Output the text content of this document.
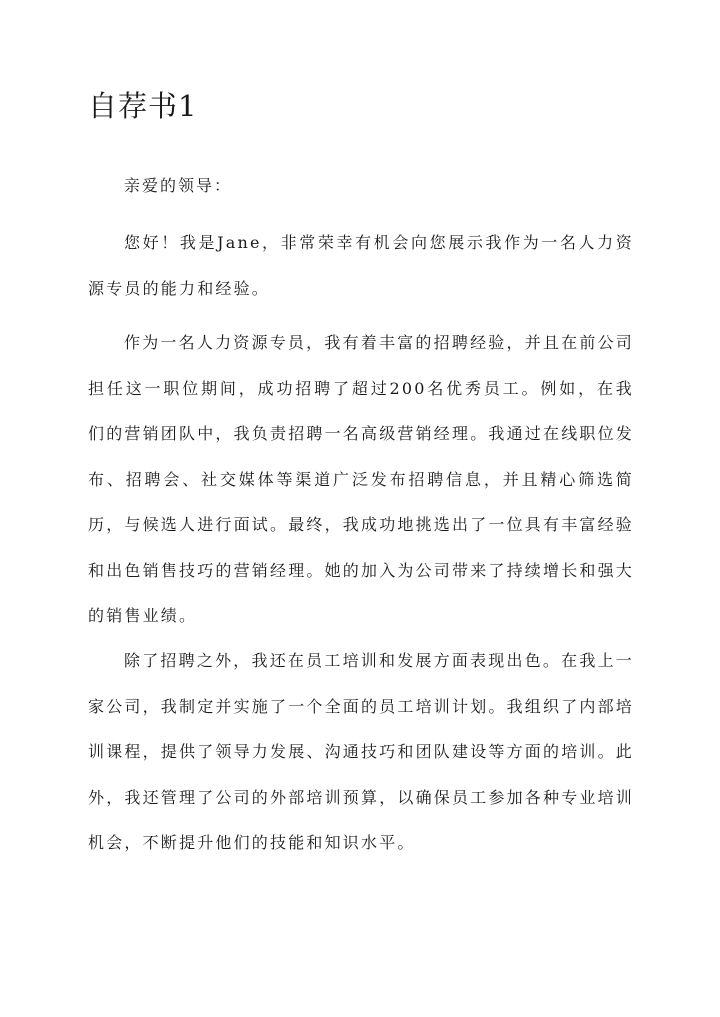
自荐书1

亲爱的领导：

您好！我是Jane，非常荣幸有机会向您展示我作为一名人力资源专员的能力和经验。

作为一名人力资源专员，我有着丰富的招聘经验，并且在前公司担任这一职位期间，成功招聘了超过200名优秀员工。例如，在我们的营销团队中，我负责招聘一名高级营销经理。我通过在线职位发布、招聘会、社交媒体等渠道广泛发布招聘信息，并且精心筛选简历，与候选人进行面试。最终，我成功地挑选出了一位具有丰富经验和出色销售技巧的营销经理。她的加入为公司带来了持续增长和强大的销售业绩。

除了招聘之外，我还在员工培训和发展方面表现出色。在我上一家公司，我制定并实施了一个全面的员工培训计划。我组织了内部培训课程，提供了领导力发展、沟通技巧和团队建设等方面的培训。此外，我还管理了公司的外部培训预算，以确保员工参加各种专业培训机会，不断提升他们的技能和知识水平。
